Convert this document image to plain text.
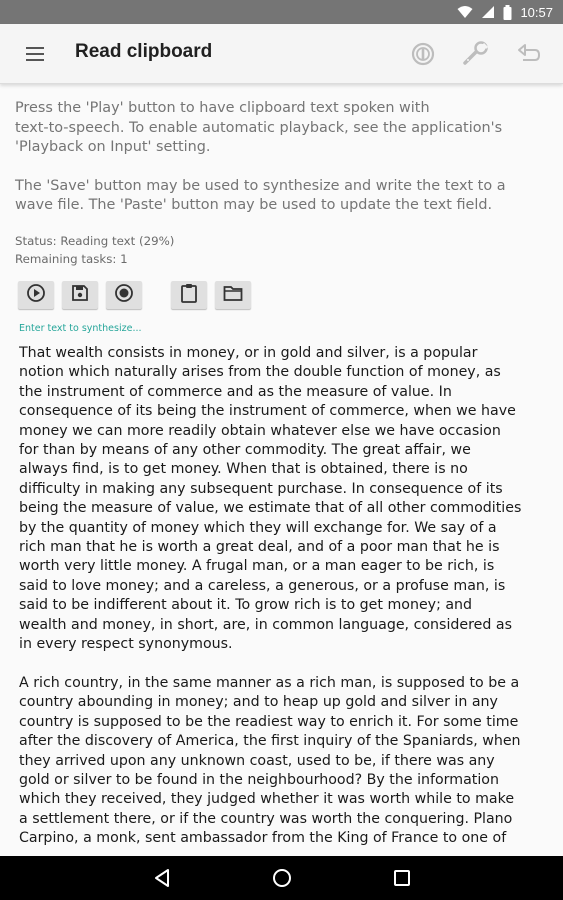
10:57
Read clipboard

Press the 'Play' button to have clipboard text spoken with
text-to-speech. To enable automatic playback, see the application's
'Playback on Input' setting.

The 'Save' button may be used to synthesize and write the text to a
wave file. The 'Paste' button may be used to update the text field.

Status: Reading text (29%)
Remaining tasks: 1
Enter text to synthesize...

That wealth consists in money, or in gold and silver, is a popular
notion which naturally arises from the double function of money, as
the instrument of commerce and as the measure of value. In
consequence of its being the instrument of commerce, when we have
money we can more readily obtain whatever else we have occasion
for than by means of any other commodity. The great affair, we
always find, is to get money. When that is obtained, there is no
difficulty in making any subsequent purchase. In consequence of its
being the measure of value, we estimate that of all other commodities
by the quantity of money which they will exchange for. We say of a
rich man that he is worth a great deal, and of a poor man that he is
worth very little money. A frugal man, or a man eager to be rich, is
said to love money; and a careless, a generous, or a profuse man, is
said to be indifferent about it. To grow rich is to get money; and
wealth and money, in short, are, in common language, considered as
in every respect synonymous.

A rich country, in the same manner as a rich man, is supposed to be a
country abounding in money; and to heap up gold and silver in any
country is supposed to be the readiest way to enrich it. For some time
after the discovery of America, the first inquiry of the Spaniards, when
they arrived upon any unknown coast, used to be, if there was any
gold or silver to be found in the neighbourhood? By the information
which they received, they judged whether it was worth while to make
a settlement there, or if the country was worth the conquering. Plano
Carpino, a monk, sent ambassador from the King of France to one of
